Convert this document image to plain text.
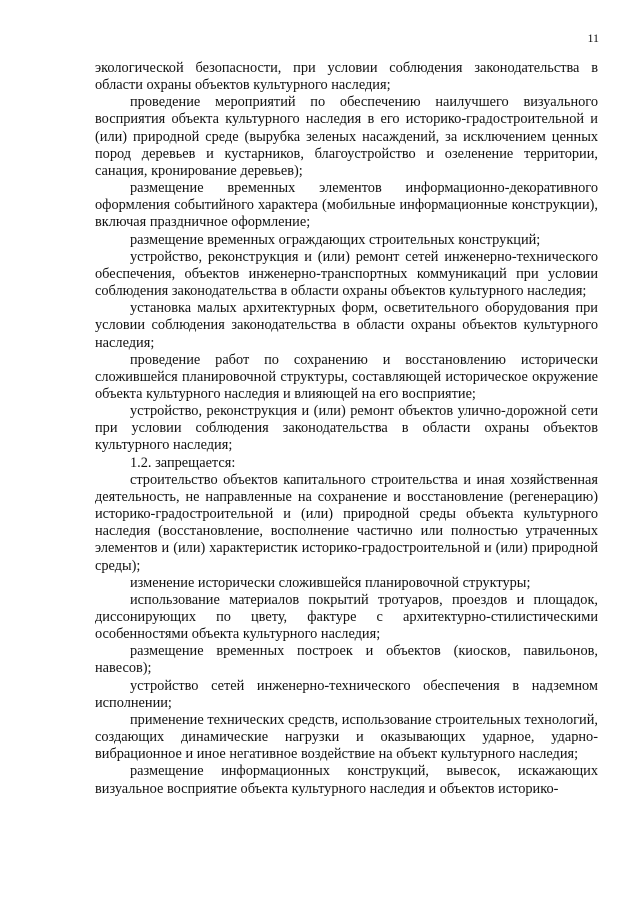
11

экологической безопасности, при условии соблюдения законодательства в области охраны объектов культурного наследия;

проведение мероприятий по обеспечению наилучшего визуального восприятия объекта культурного наследия в его историко-градостроительной и (или) природной среде (вырубка зеленых насаждений, за исключением ценных пород деревьев и кустарников, благоустройство и озеленение территории, санация, кронирование деревьев);

размещение временных элементов информационно-декоративного оформления событийного характера (мобильные информационные конструкции), включая праздничное оформление;

размещение временных ограждающих строительных конструкций;

устройство, реконструкция и (или) ремонт сетей инженерно-технического обеспечения, объектов инженерно-транспортных коммуникаций при условии соблюдения законодательства в области охраны объектов культурного наследия;

установка малых архитектурных форм, осветительного оборудования при условии соблюдения законодательства в области охраны объектов культурного наследия;

проведение работ по сохранению и восстановлению исторически сложившейся планировочной структуры, составляющей историческое окружение объекта культурного наследия и влияющей на его восприятие;

устройство, реконструкция и (или) ремонт объектов улично-дорожной сети при условии соблюдения законодательства в области охраны объектов культурного наследия;

1.2. запрещается:

строительство объектов капитального строительства и иная хозяйственная деятельность, не направленные на сохранение и восстановление (регенерацию) историко-градостроительной и (или) природной среды объекта культурного наследия (восстановление, восполнение частично или полностью утраченных элементов и (или) характеристик историко-градостроительной и (или) природной среды);

изменение исторически сложившейся планировочной структуры;

использование материалов покрытий тротуаров, проездов и площадок, диссонирующих по цвету, фактуре с архитектурно-стилистическими особенностями объекта культурного наследия;

размещение временных построек и объектов (киосков, павильонов, навесов);

устройство сетей инженерно-технического обеспечения в надземном исполнении;

применение технических средств, использование строительных технологий, создающих динамические нагрузки и оказывающих ударное, ударно-вибрационное и иное негативное воздействие на объект культурного наследия;

размещение информационных конструкций, вывесок, искажающих визуальное восприятие объекта культурного наследия и объектов историко-
